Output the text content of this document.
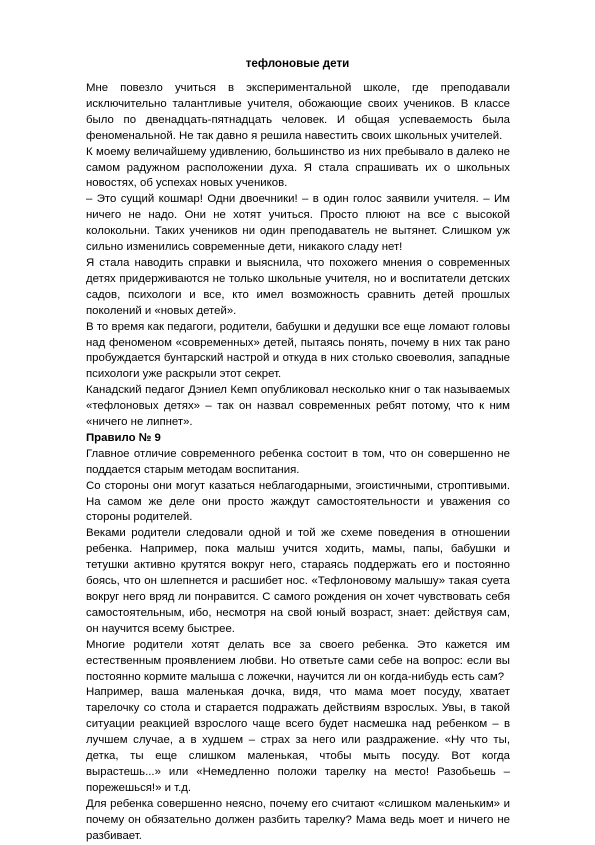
тефлоновые дети

Мне повезло учиться в экспериментальной школе, где преподавали исключительно талантливые учителя, обожающие своих учеников. В классе было по двенадцать-пятнадцать человек. И общая успеваемость была феноменальной. Не так давно я решила навестить своих школьных учителей.

К моему величайшему удивлению, большинство из них пребывало в далеко не самом радужном расположении духа. Я стала спрашивать их о школьных новостях, об успехах новых учеников.

– Это сущий кошмар! Одни двоечники! – в один голос заявили учителя. – Им ничего не надо. Они не хотят учиться. Просто плюют на все с высокой колокольни. Таких учеников ни один преподаватель не вытянет. Слишком уж сильно изменились современные дети, никакого сладу нет!

Я стала наводить справки и выяснила, что похожего мнения о современных детях придерживаются не только школьные учителя, но и воспитатели детских садов, психологи и все, кто имел возможность сравнить детей прошлых поколений и «новых детей».

В то время как педагоги, родители, бабушки и дедушки все еще ломают головы над феноменом «современных» детей, пытаясь понять, почему в них так рано пробуждается бунтарский настрой и откуда в них столько своеволия, западные психологи уже раскрыли этот секрет.

Канадский педагог Дэниел Кемп опубликовал несколько книг о так называемых «тефлоновых детях» – так он назвал современных ребят потому, что к ним «ничего не липнет».

Правило № 9

Главное отличие современного ребенка состоит в том, что он совершенно не поддается старым методам воспитания.

Со стороны они могут казаться неблагодарными, эгоистичными, строптивыми. На самом же деле они просто жаждут самостоятельности и уважения со стороны родителей.

Веками родители следовали одной и той же схеме поведения в отношении ребенка. Например, пока малыш учится ходить, мамы, папы, бабушки и тетушки активно крутятся вокруг него, стараясь поддержать его и постоянно боясь, что он шлепнется и расшибет нос. «Тефлоновому малышу» такая суета вокруг него вряд ли понравится. С самого рождения он хочет чувствовать себя самостоятельным, ибо, несмотря на свой юный возраст, знает: действуя сам, он научится всему быстрее.

Многие родители хотят делать все за своего ребенка. Это кажется им естественным проявлением любви. Но ответьте сами себе на вопрос: если вы постоянно кормите малыша с ложечки, научится ли он когда-нибудь есть сам?

Например, ваша маленькая дочка, видя, что мама моет посуду, хватает тарелочку со стола и старается подражать действиям взрослых. Увы, в такой ситуации реакцией взрослого чаще всего будет насмешка над ребенком – в лучшем случае, а в худшем – страх за него или раздражение. «Ну что ты, детка, ты еще слишком маленькая, чтобы мыть посуду. Вот когда вырастешь...» или «Немедленно положи тарелку на место! Разобьешь – порежешься!» и т.д.

Для ребенка совершенно неясно, почему его считают «слишком маленьким» и почему он обязательно должен разбить тарелку? Мама ведь моет и ничего не разбивает.
